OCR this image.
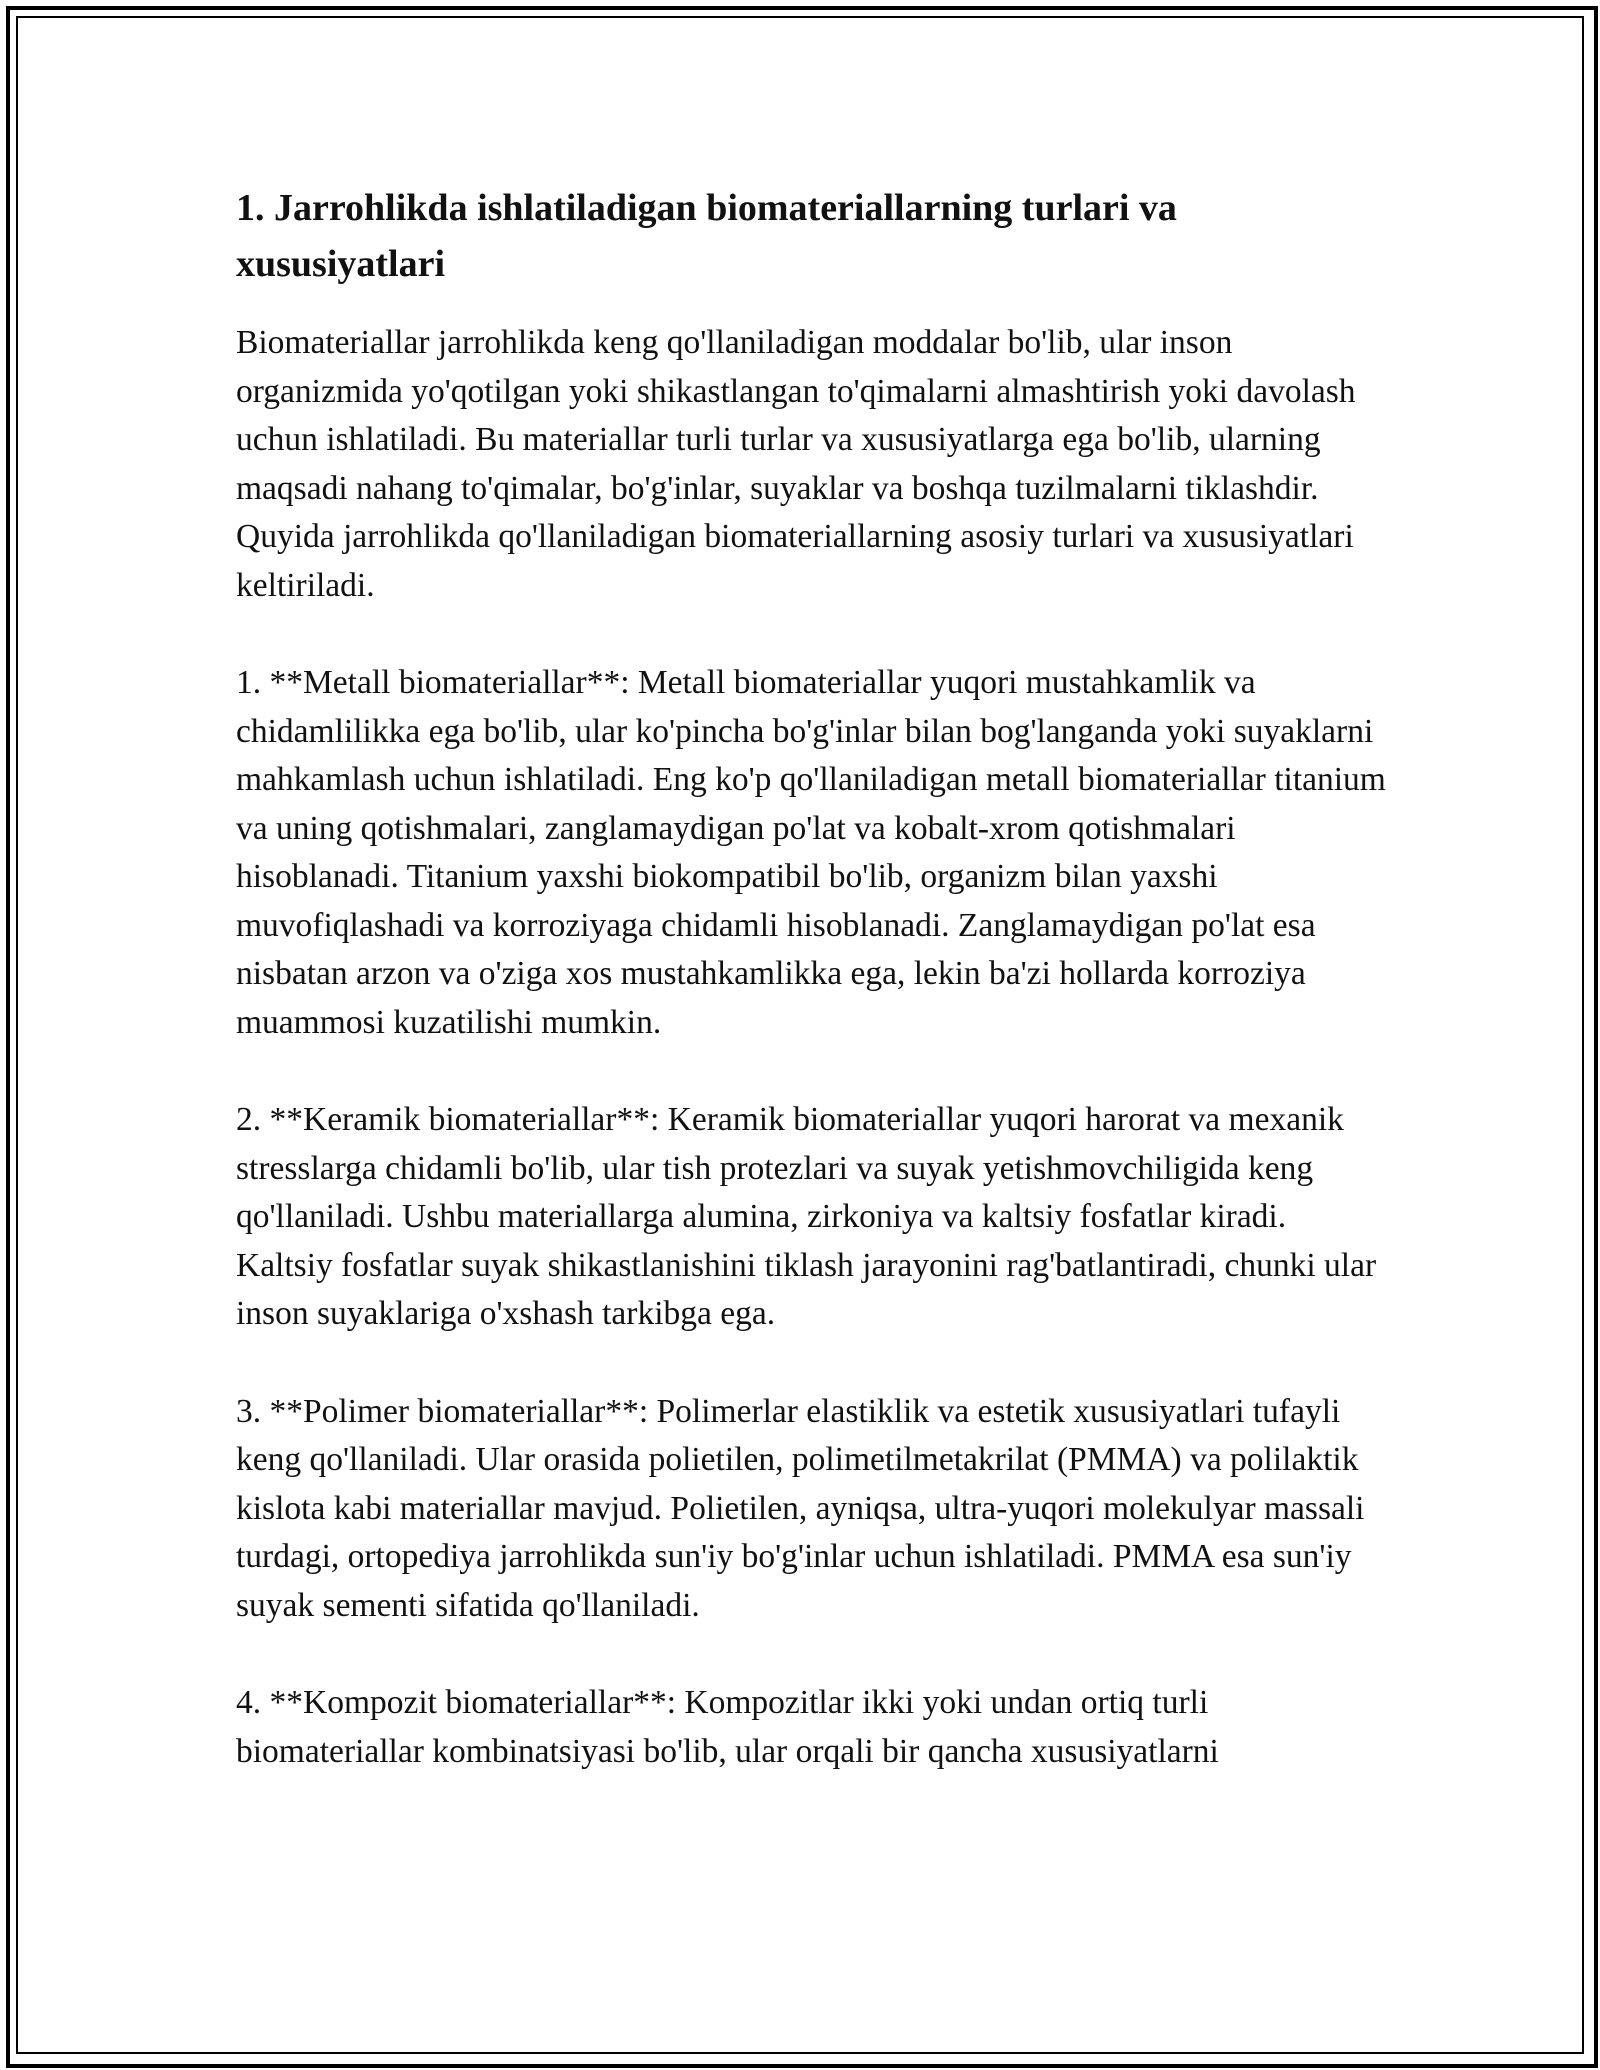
1. Jarrohlikda ishlatiladigan biomateriallarning turlari va xususiyatlari

Biomateriallar jarrohlikda keng qo'llaniladigan moddalar bo'lib, ular inson organizmida yo'qotilgan yoki shikastlangan to'qimalarni almashtirish yoki davolash uchun ishlatiladi. Bu materiallar turli turlar va xususiyatlarga ega bo'lib, ularning maqsadi nahang to'qimalar, bo'g'inlar, suyaklar va boshqa tuzilmalarni tiklashdir. Quyida jarrohlikda qo'llaniladigan biomateriallarning asosiy turlari va xususiyatlari keltiriladi.

1. **Metall biomateriallar**: Metall biomateriallar yuqori mustahkamlik va chidamlilikka ega bo'lib, ular ko'pincha bo'g'inlar bilan bog'langanda yoki suyaklarni mahkamlash uchun ishlatiladi. Eng ko'p qo'llaniladigan metall biomateriallar titanium va uning qotishmalari, zanglamaydigan po'lat va kobalt-xrom qotishmalari hisoblanadi. Titanium yaxshi biokompatibil bo'lib, organizm bilan yaxshi muvofiqlashadi va korroziyaga chidamli hisoblanadi. Zanglamaydigan po'lat esa nisbatan arzon va o'ziga xos mustahkamlikka ega, lekin ba'zi hollarda korroziya muammosi kuzatilishi mumkin.

2. **Keramik biomateriallar**: Keramik biomateriallar yuqori harorat va mexanik stresslarga chidamli bo'lib, ular tish protezlari va suyak yetishmovchiligida keng qo'llaniladi. Ushbu materiallarga alumina, zirkoniya va kaltsiy fosfatlar kiradi. Kaltsiy fosfatlar suyak shikastlanishini tiklash jarayonini rag'batlantiradi, chunki ular inson suyaklariga o'xshash tarkibga ega.

3. **Polimer biomateriallar**: Polimerlar elastiklik va estetik xususiyatlari tufayli keng qo'llaniladi. Ular orasida polietilen, polimetilmetakrilat (PMMA) va polilaktik kislota kabi materiallar mavjud. Polietilen, ayniqsa, ultra-yuqori molekulyar massali turdagi, ortopediya jarrohlikda sun'iy bo'g'inlar uchun ishlatiladi. PMMA esa sun'iy suyak sementi sifatida qo'llaniladi.

4. **Kompozit biomateriallar**: Kompozitlar ikki yoki undan ortiq turli biomateriallar kombinatsiyasi bo'lib, ular orqali bir qancha xususiyatlarni
